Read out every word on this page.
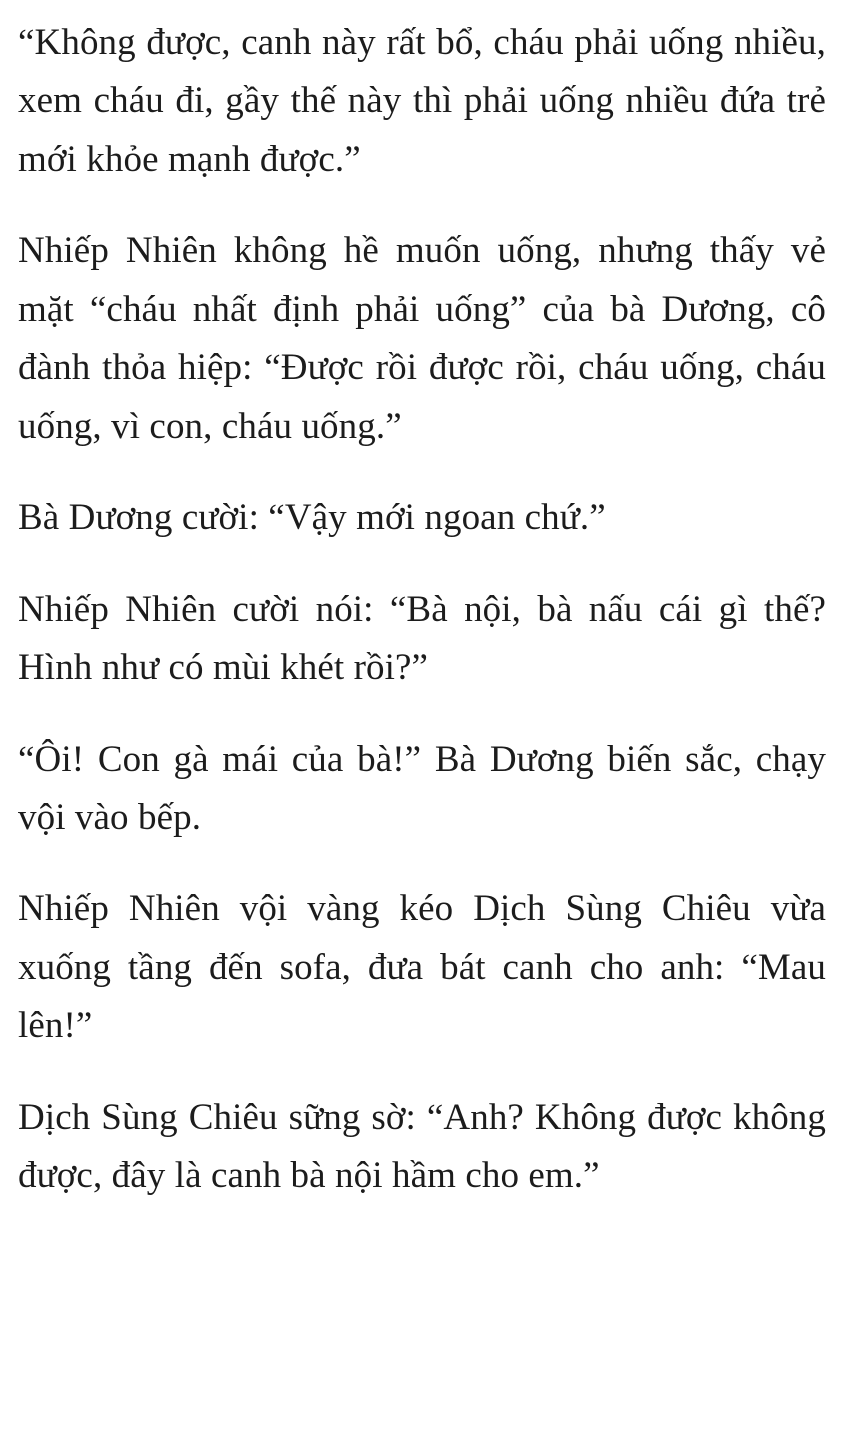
“Không được, canh này rất bổ, cháu phải uống nhiều, xem cháu đi, gầy thế này thì phải uống nhiều đứa trẻ mới khỏe mạnh được.”

Nhiếp Nhiên không hề muốn uống, nhưng thấy vẻ mặt “cháu nhất định phải uống” của bà Dương, cô đành thỏa hiệp: “Được rồi được rồi, cháu uống, cháu uống, vì con, cháu uống.”

Bà Dương cười: “Vậy mới ngoan chứ.”

Nhiếp Nhiên cười nói: “Bà nội, bà nấu cái gì thế? Hình như có mùi khét rồi?”

“Ôi! Con gà mái của bà!” Bà Dương biến sắc, chạy vội vào bếp.

Nhiếp Nhiên vội vàng kéo Dịch Sùng Chiêu vừa xuống tầng đến sofa, đưa bát canh cho anh: “Mau lên!”

Dịch Sùng Chiêu sững sờ: “Anh? Không được không được, đây là canh bà nội hầm cho em.”
